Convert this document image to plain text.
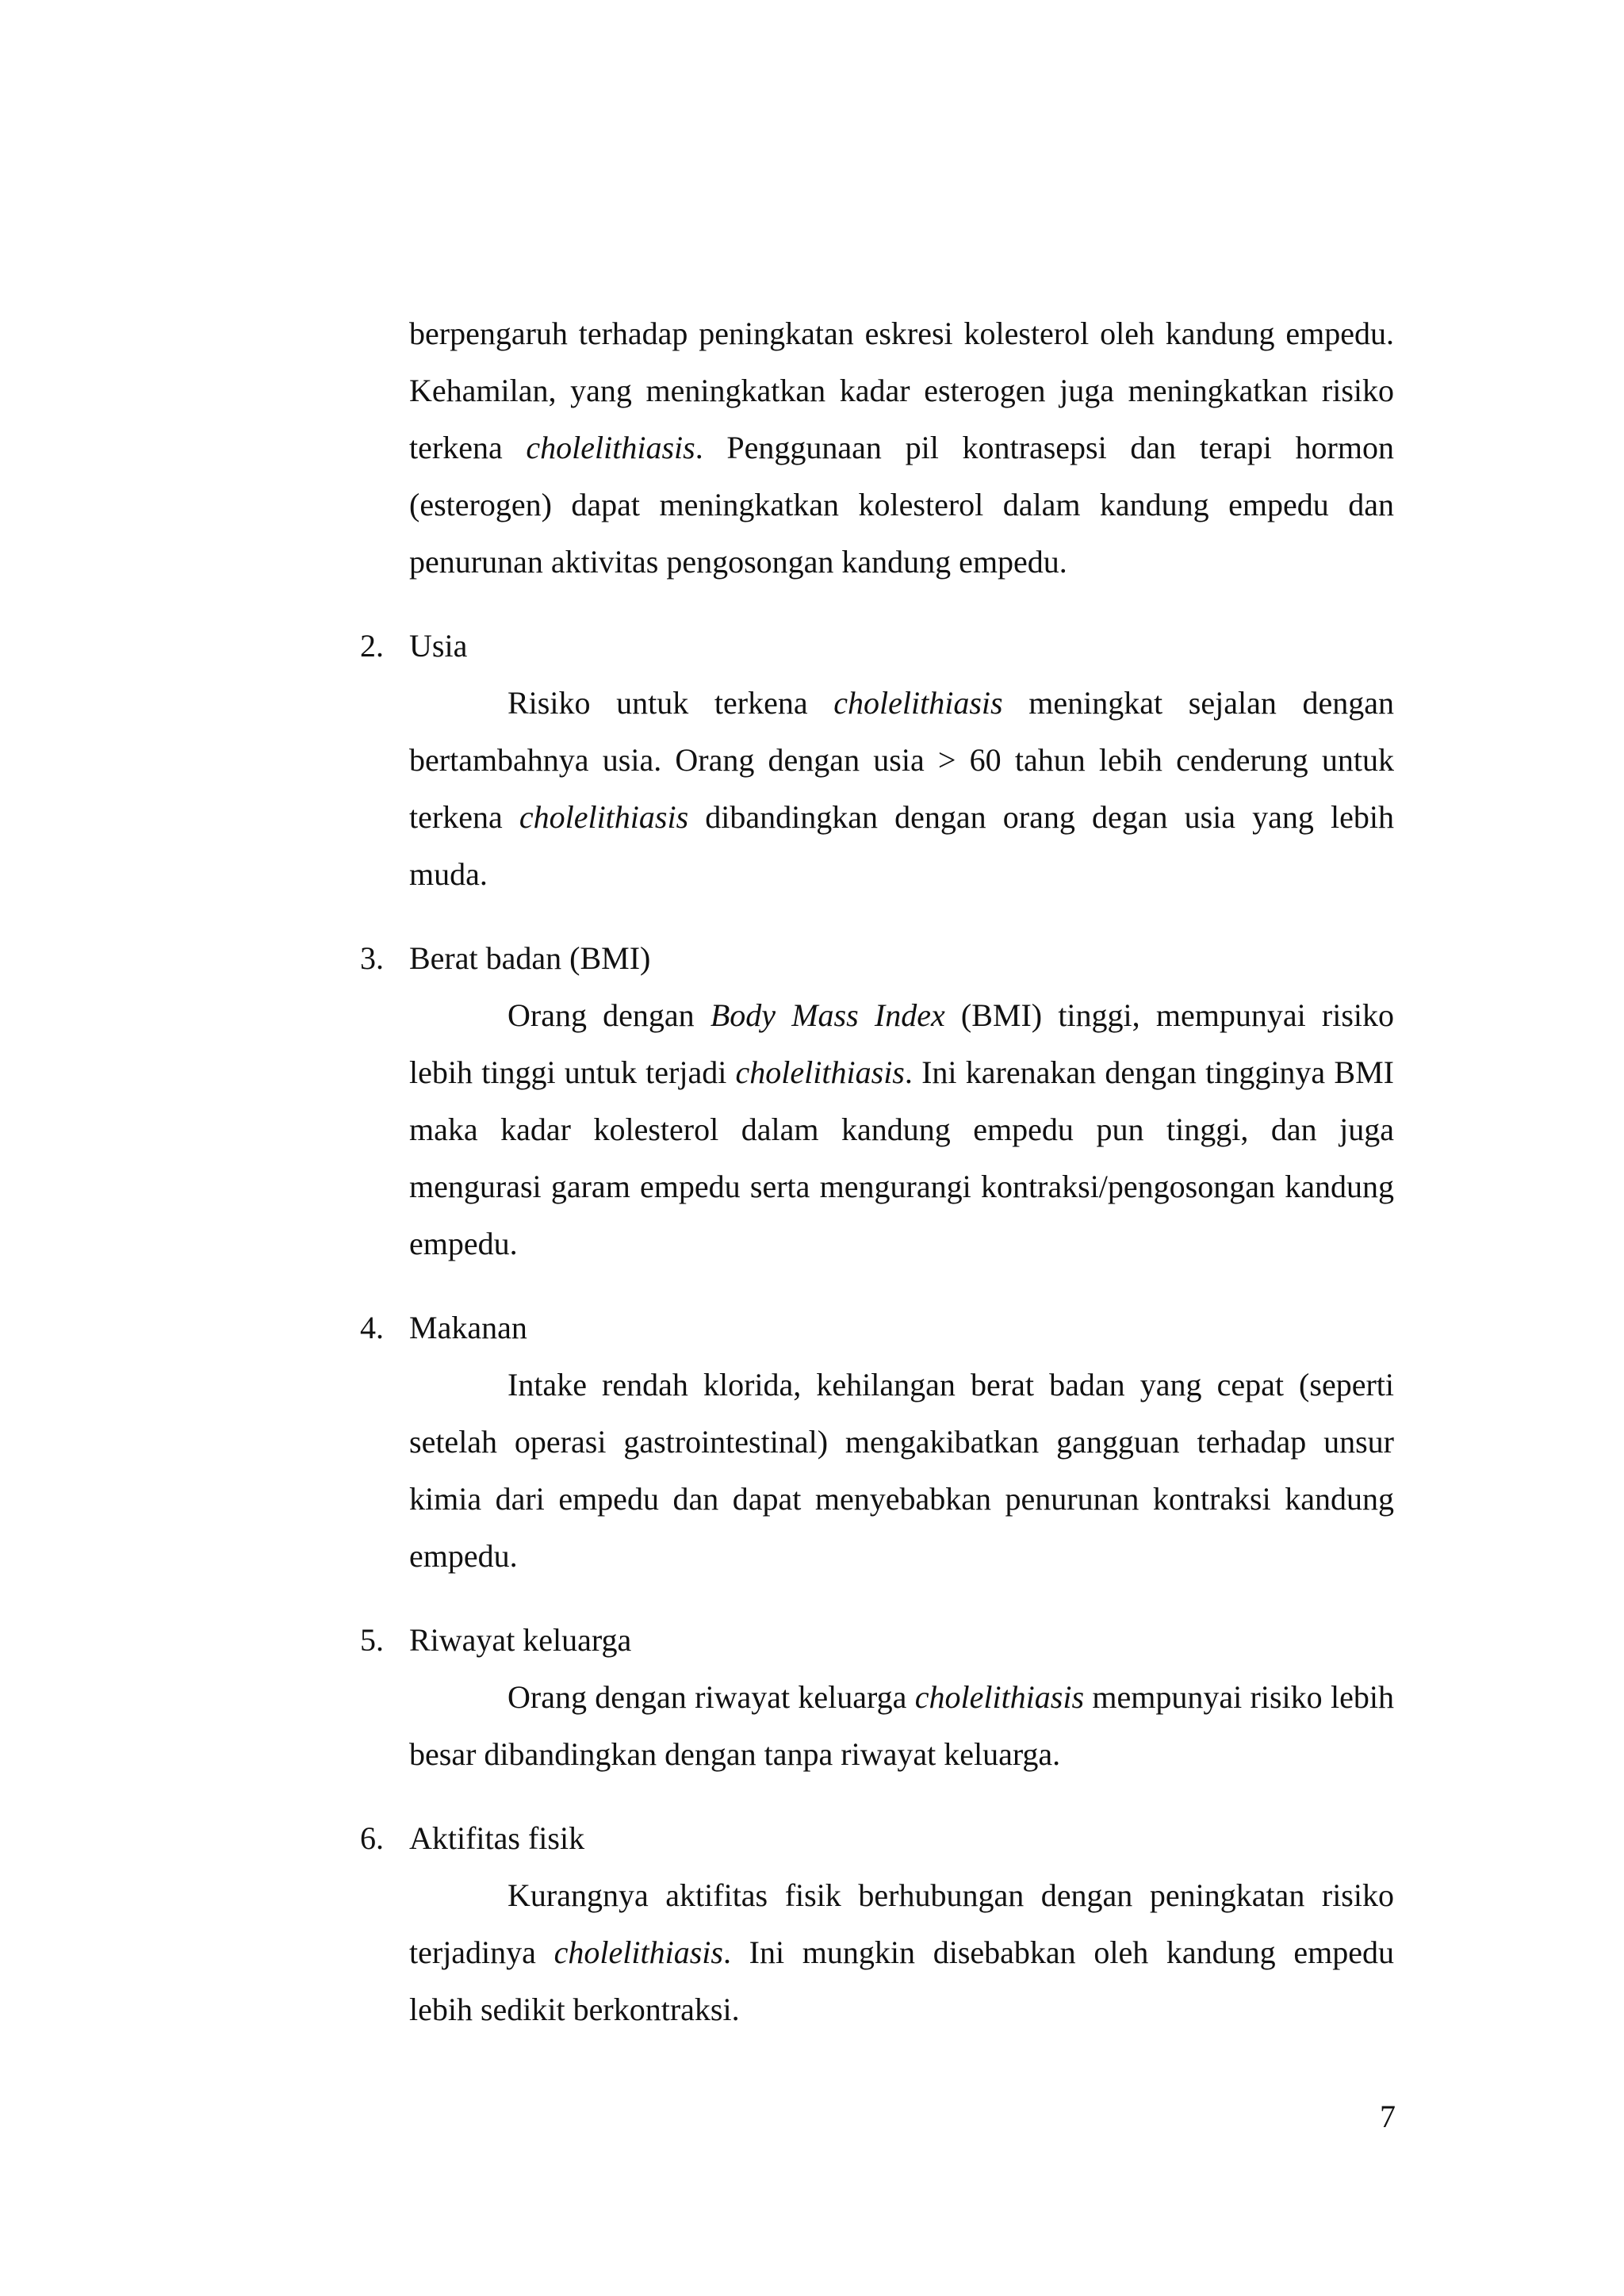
berpengaruh terhadap peningkatan eskresi kolesterol oleh kandung empedu. Kehamilan, yang meningkatkan kadar esterogen juga meningkatkan risiko terkena cholelithiasis. Penggunaan pil kontrasepsi dan terapi hormon (esterogen) dapat meningkatkan kolesterol dalam kandung empedu dan penurunan aktivitas pengosongan kandung empedu.

2. Usia

Risiko untuk terkena cholelithiasis meningkat sejalan dengan bertambahnya usia. Orang dengan usia > 60 tahun lebih cenderung untuk terkena cholelithiasis dibandingkan dengan orang degan usia yang lebih muda.

3. Berat badan (BMI)

Orang dengan Body Mass Index (BMI) tinggi, mempunyai risiko lebih tinggi untuk terjadi cholelithiasis. Ini karenakan dengan tingginya BMI maka kadar kolesterol dalam kandung empedu pun tinggi, dan juga mengurasi garam empedu serta mengurangi kontraksi/pengosongan kandung empedu.

4. Makanan

Intake rendah klorida, kehilangan berat badan yang cepat (seperti setelah operasi gastrointestinal) mengakibatkan gangguan terhadap unsur kimia dari empedu dan dapat menyebabkan penurunan kontraksi kandung empedu.

5. Riwayat keluarga

Orang dengan riwayat keluarga cholelithiasis mempunyai risiko lebih besar dibandingkan dengan tanpa riwayat keluarga.

6. Aktifitas fisik

Kurangnya aktifitas fisik berhubungan dengan peningkatan risiko terjadinya cholelithiasis. Ini mungkin disebabkan oleh kandung empedu lebih sedikit berkontraksi.

7
